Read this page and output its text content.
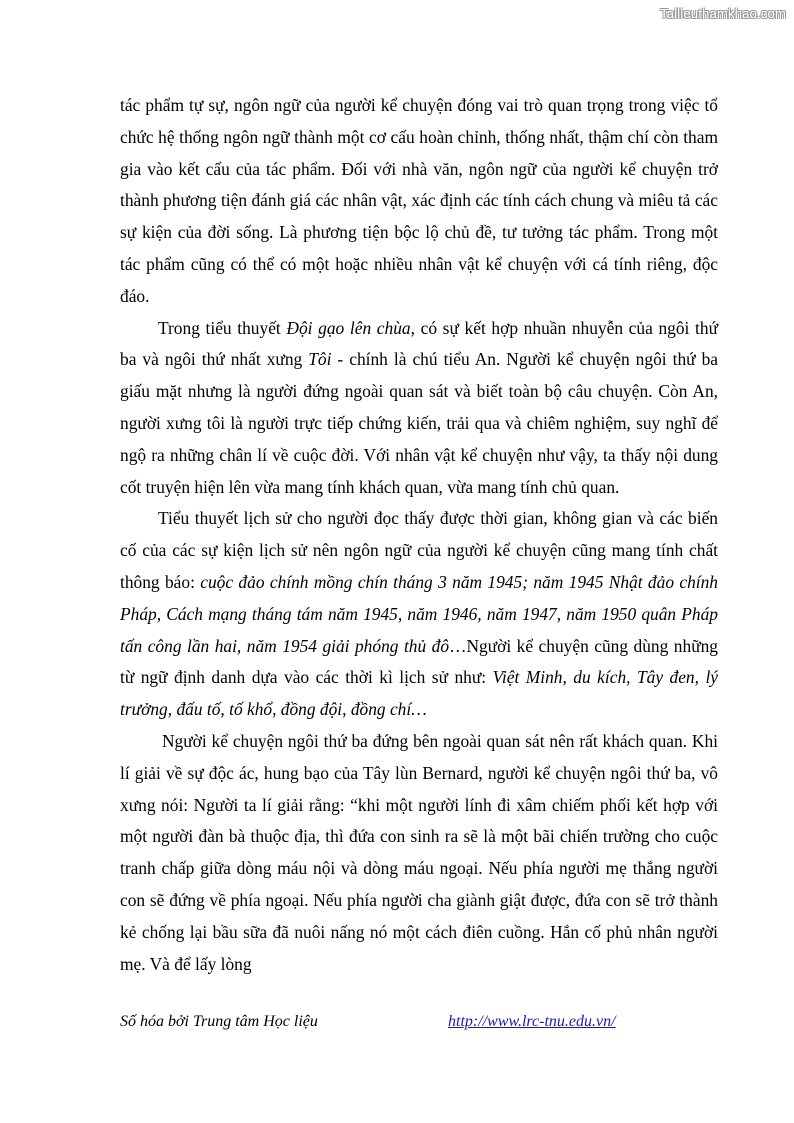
Tailieuthamkhao.com

tác phẩm tự sự, ngôn ngữ của người kể chuyện đóng vai trò quan trọng trong việc tổ chức hệ thống ngôn ngữ thành một cơ cấu hoàn chỉnh, thống nhất, thậm chí còn tham gia vào kết cấu của tác phẩm. Đối với nhà văn, ngôn ngữ của người kể chuyện trở thành phương tiện đánh giá các nhân vật, xác định các tính cách chung và miêu tả các sự kiện của đời sống. Là phương tiện bộc lộ chủ đề, tư tưởng tác phẩm. Trong một tác phẩm cũng có thể có một hoặc nhiều nhân vật kể chuyện với cá tính riêng, độc đáo.

Trong tiểu thuyết Đội gạo lên chùa, có sự kết hợp nhuần nhuyễn của ngôi thứ ba và ngôi thứ nhất xưng Tôi - chính là chú tiểu An. Người kể chuyện ngôi thứ ba giấu mặt nhưng là người đứng ngoài quan sát và biết toàn bộ câu chuyện. Còn An, người xưng tôi là người trực tiếp chứng kiến, trải qua và chiêm nghiệm, suy nghĩ để ngộ ra những chân lí về cuộc đời. Với nhân vật kể chuyện như vậy, ta thấy nội dung cốt truyện hiện lên vừa mang tính khách quan, vừa mang tính chủ quan.

Tiểu thuyết lịch sử cho người đọc thấy được thời gian, không gian và các biến cố của các sự kiện lịch sử nên ngôn ngữ của người kể chuyện cũng mang tính chất thông báo: cuộc đảo chính mồng chín tháng 3 năm 1945; năm 1945 Nhật đảo chính Pháp, Cách mạng tháng tám năm 1945, năm 1946, năm 1947, năm 1950 quân Pháp tấn công lần hai, năm 1954 giải phóng thủ đô…Người kể chuyện cũng dùng những từ ngữ định danh dựa vào các thời kì lịch sử như: Việt Minh, du kích, Tây đen, lý trưởng, đấu tố, tố khổ, đồng đội, đồng chí…

Người kể chuyện ngôi thứ ba đứng bên ngoài quan sát nên rất khách quan. Khi lí giải về sự độc ác, hung bạo của Tây lùn Bernard, người kể chuyện ngôi thứ ba, vô xưng nói: Người ta lí giải rằng: “khi một người lính đi xâm chiếm phối kết hợp với một người đàn bà thuộc địa, thì đứa con sinh ra sẽ là một bãi chiến trường cho cuộc tranh chấp giữa dòng máu nội và dòng máu ngoại. Nếu phía người mẹ thắng người con sẽ đứng về phía ngoại. Nếu phía người cha giành giật được, đứa con sẽ trở thành kẻ chống lại bầu sữa đã nuôi nấng nó một cách điên cuồng. Hắn cố phủ nhân người mẹ. Và để lấy lòng

Số hóa bởi Trung tâm Học liệu	http://www.lrc-tnu.edu.vn/
